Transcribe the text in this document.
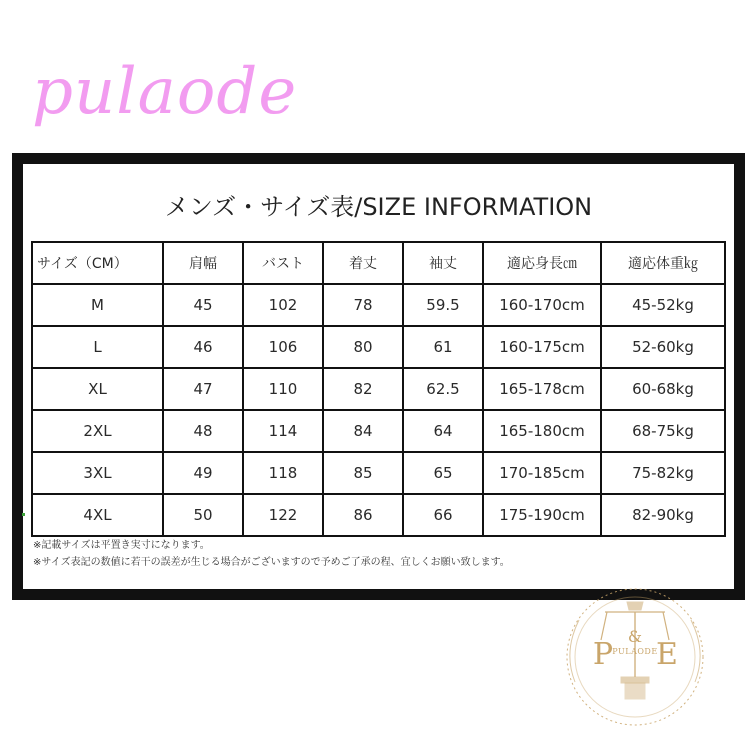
pulaode
メンズ・サイズ表/SIZE INFORMATION
サイズ（CM）	肩幅	バスト	着丈	袖丈	適応身長㎝	適応体重㎏
M	45	102	78	59.5	160-170cm	45-52kg
L	46	106	80	61	160-175cm	52-60kg
XL	47	110	82	62.5	165-178cm	60-68kg
2XL	48	114	84	64	165-180cm	68-75kg
3XL	49	118	85	65	170-185cm	75-82kg
4XL	50	122	86	66	175-190cm	82-90kg

※記載サイズは平置き実寸になります。

※サイズ表記の数値に若干の誤差が生じる場合がございますので予めご了承の程、宜しくお願い致します。

P
&
E
PULAODE
